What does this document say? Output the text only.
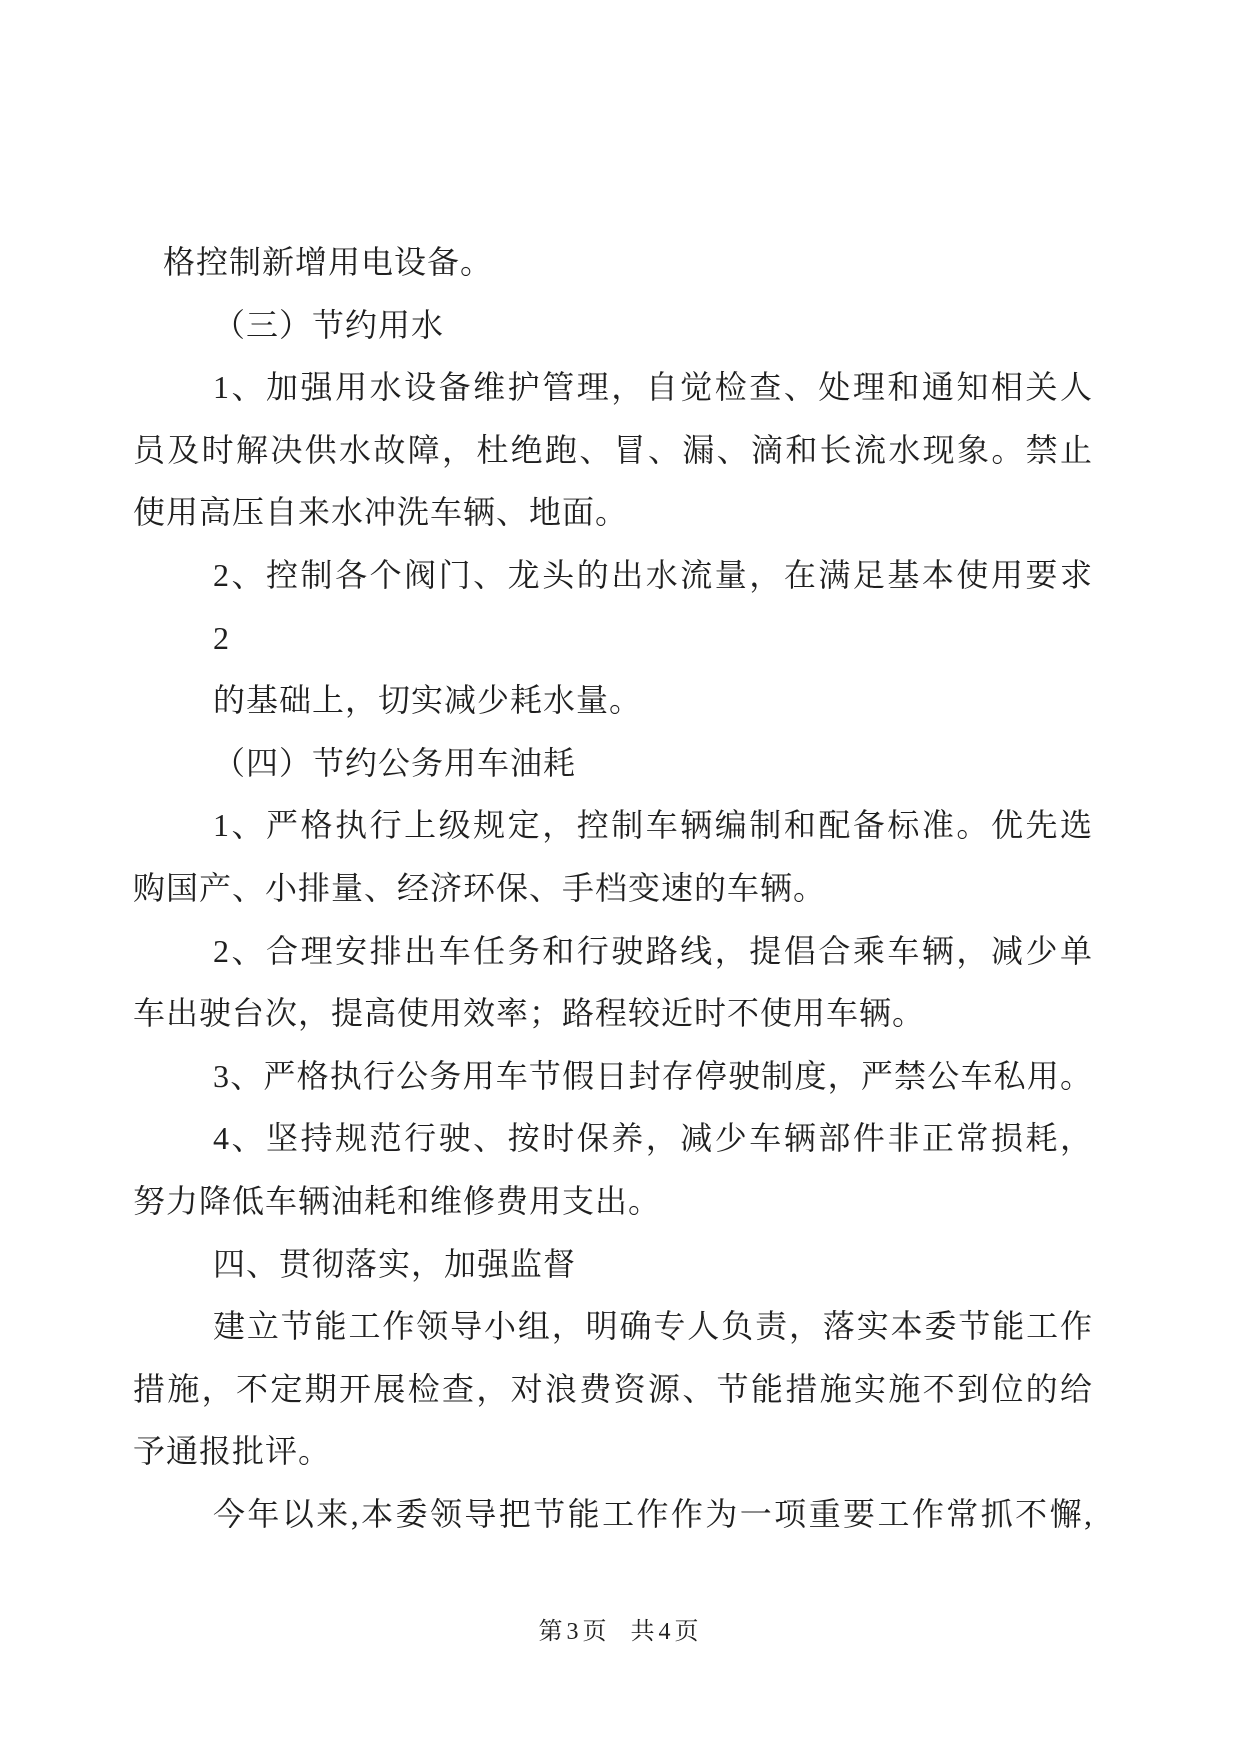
格控制新增用电设备。
（三）节约用水
1、加强用水设备维护管理，自觉检查、处理和通知相关人
员及时解决供水故障，杜绝跑、冒、漏、滴和长流水现象。禁止
使用高压自来水冲洗车辆、地面。
2、控制各个阀门、龙头的出水流量，在满足基本使用要求
2
的基础上，切实减少耗水量。
（四）节约公务用车油耗
1、严格执行上级规定，控制车辆编制和配备标准。优先选
购国产、小排量、经济环保、手档变速的车辆。
2、合理安排出车任务和行驶路线，提倡合乘车辆，减少单
车出驶台次，提高使用效率；路程较近时不使用车辆。
3、严格执行公务用车节假日封存停驶制度，严禁公车私用。
4、坚持规范行驶、按时保养，减少车辆部件非正常损耗，
努力降低车辆油耗和维修费用支出。
四、贯彻落实，加强监督
建立节能工作领导小组，明确专人负责，落实本委节能工作
措施，不定期开展检查，对浪费资源、节能措施实施不到位的给
予通报批评。
今年以来,本委领导把节能工作作为一项重要工作常抓不懈,
第3页 共4页
